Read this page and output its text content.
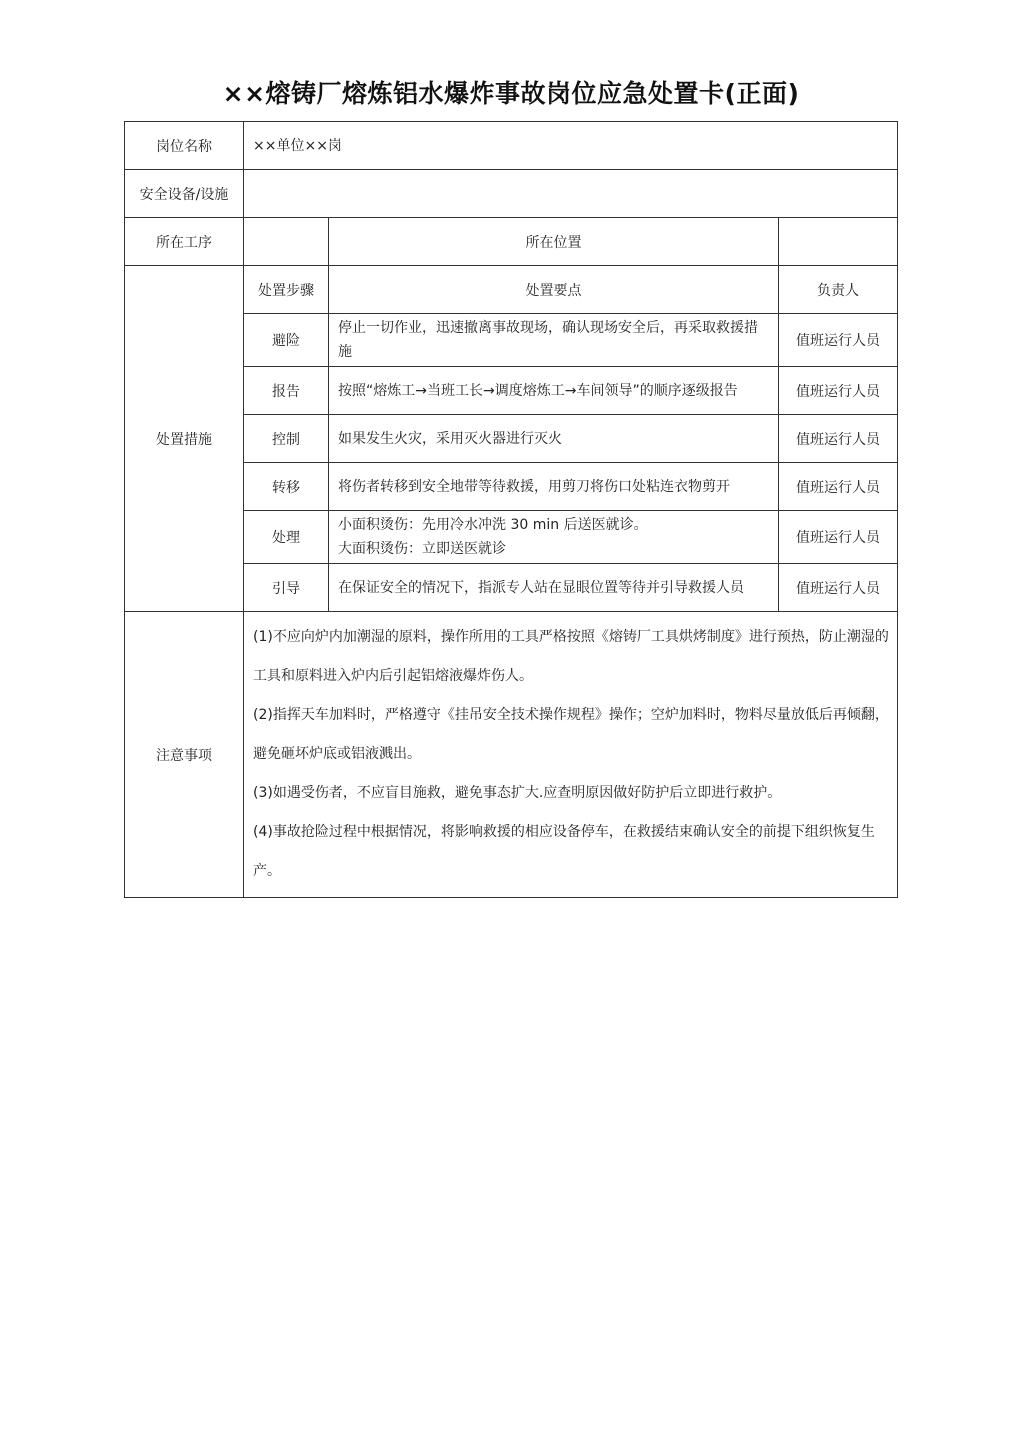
××熔铸厂熔炼铝水爆炸事故岗位应急处置卡(正面)
岗位名称	××单位××岗		
安全设备/设施			
所在工序		所在位置	
处置措施	处置步骤	处置要点	负责人
	避险	停止一切作业，迅速撤离事故现场，确认现场安全后，再采取救援措施	值班运行人员
	报告	按照“熔炼工→当班工长→调度熔炼工→车间领导”的顺序逐级报告	值班运行人员
	控制	如果发生火灾，采用灭火器进行灭火	值班运行人员
	转移	将伤者转移到安全地带等待救援，用剪刀将伤口处粘连衣物剪开	值班运行人员
	处理	小面积烫伤：先用冷水冲洗 30 min 后送医就诊。
大面积烫伤：立即送医就诊	值班运行人员
	引导	在保证安全的情况下，指派专人站在显眼位置等待并引导救援人员	值班运行人员
注意事项	(1)不应向炉内加潮湿的原料，操作所用的工具严格按照《熔铸厂工具烘烤制度》进行预热，防止潮湿的工具和原料进入炉内后引起铝熔液爆炸伤人。
(2)指挥天车加料时，严格遵守《挂吊安全技术操作规程》操作；空炉加料时，物料尽量放低后再倾翻，避免砸坏炉底或铝液溅出。
(3)如遇受伤者，不应盲目施救，避免事态扩大.应查明原因做好防护后立即进行救护。
(4)事故抢险过程中根据情况，将影响救援的相应设备停车，在救援结束确认安全的前提下组织恢复生产。		
